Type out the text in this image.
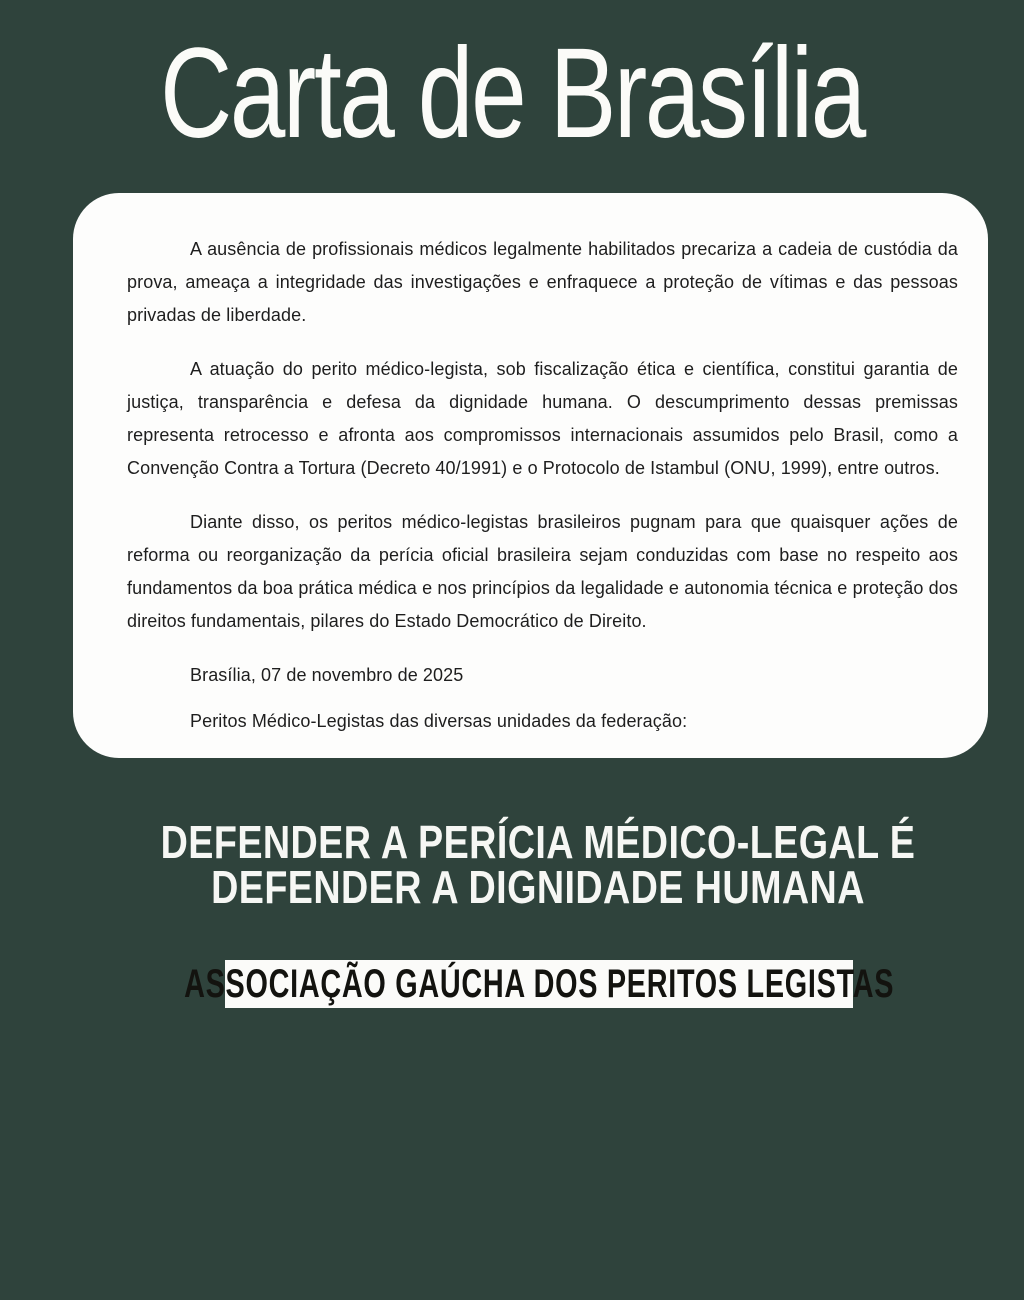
Carta de Brasília

A ausência de profissionais médicos legalmente habilitados precariza a cadeia de custódia da prova, ameaça a integridade das investigações e enfraquece a proteção de vítimas e das pessoas privadas de liberdade.

A atuação do perito médico-legista, sob fiscalização ética e científica, constitui garantia de justiça, transparência e defesa da dignidade humana. O descumprimento dessas premissas representa retrocesso e afronta aos compromissos internacionais assumidos pelo Brasil, como a Convenção Contra a Tortura (Decreto 40/1991) e o Protocolo de Istambul (ONU, 1999), entre outros.

Diante disso, os peritos médico-legistas brasileiros pugnam para que quaisquer ações de reforma ou reorganização da perícia oficial brasileira sejam conduzidas com base no respeito aos fundamentos da boa prática médica e nos princípios da legalidade e autonomia técnica e proteção dos direitos fundamentais, pilares do Estado Democrático de Direito.

Brasília, 07 de novembro de 2025

Peritos Médico-Legistas das diversas unidades da federação:

DEFENDER A PERÍCIA MÉDICO-LEGAL É
DEFENDER A DIGNIDADE HUMANA
ASSOCIAÇÃO GAÚCHA DOS PERITOS LEGISTAS
